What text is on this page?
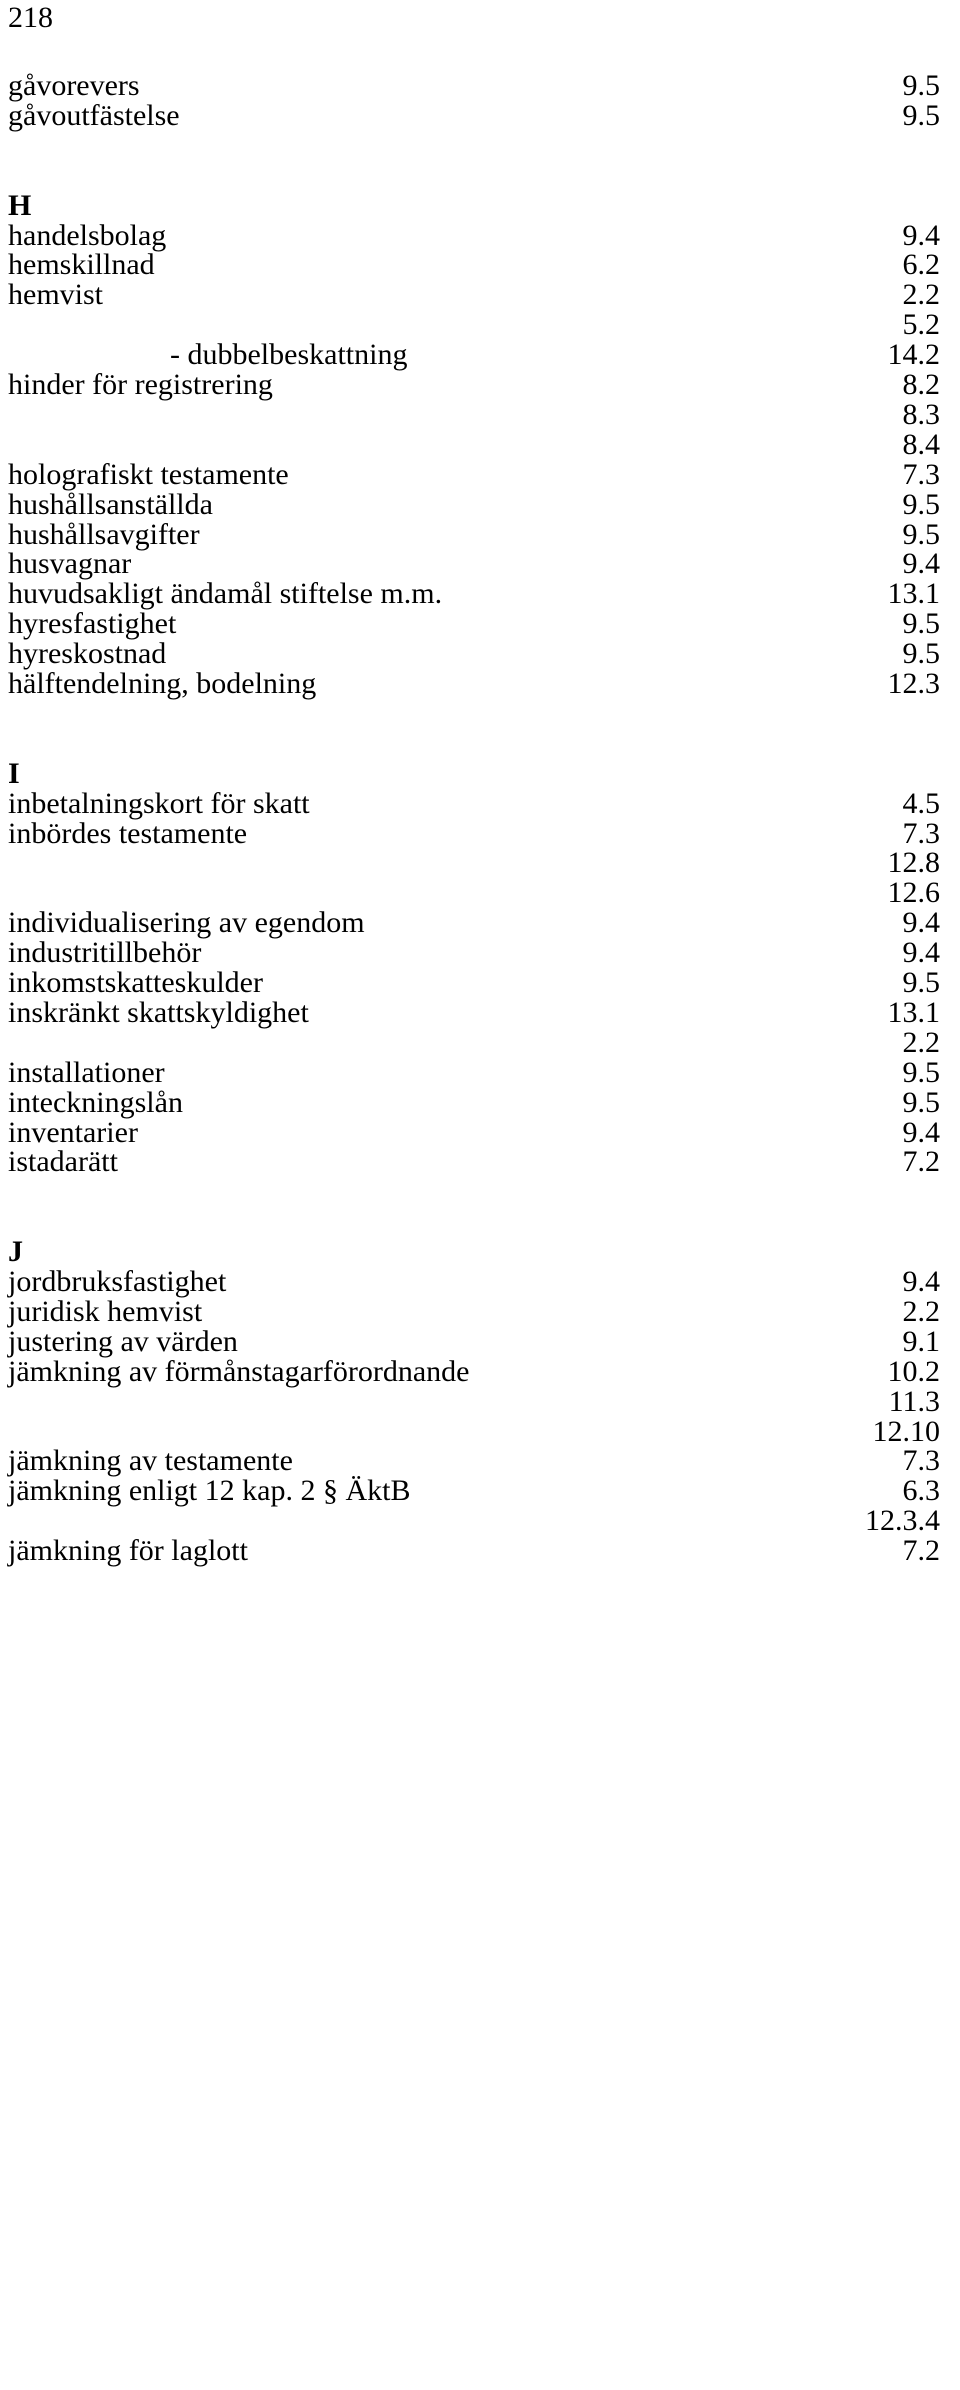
218
gåvorevers	9.5
gåvoutfästelse	9.5
H
handelsbolag	9.4
hemskillnad	6.2
hemvist	2.2
5.2
- dubbelbeskattning	14.2
hinder för registrering	8.2
8.3
8.4
holografiskt testamente	7.3
hushållsanställda	9.5
hushållsavgifter	9.5
husvagnar	9.4
huvudsakligt ändamål stiftelse m.m.	13.1
hyresfastighet	9.5
hyreskostnad	9.5
hälftendelning, bodelning	12.3
I
inbetalningskort för skatt	4.5
inbördes testamente	7.3
12.8
12.6
individualisering av egendom	9.4
industritillbehör	9.4
inkomstskatteskulder	9.5
inskränkt skattskyldighet	13.1
2.2
installationer	9.5
inteckningslån	9.5
inventarier	9.4
istadarätt	7.2
J
jordbruksfastighet	9.4
juridisk hemvist	2.2
justering av värden	9.1
jämkning av förmånstagarförordnande	10.2
11.3
12.10
jämkning av testamente	7.3
jämkning enligt 12 kap. 2 § ÄktB	6.3
12.3.4
jämkning för laglott	7.2
